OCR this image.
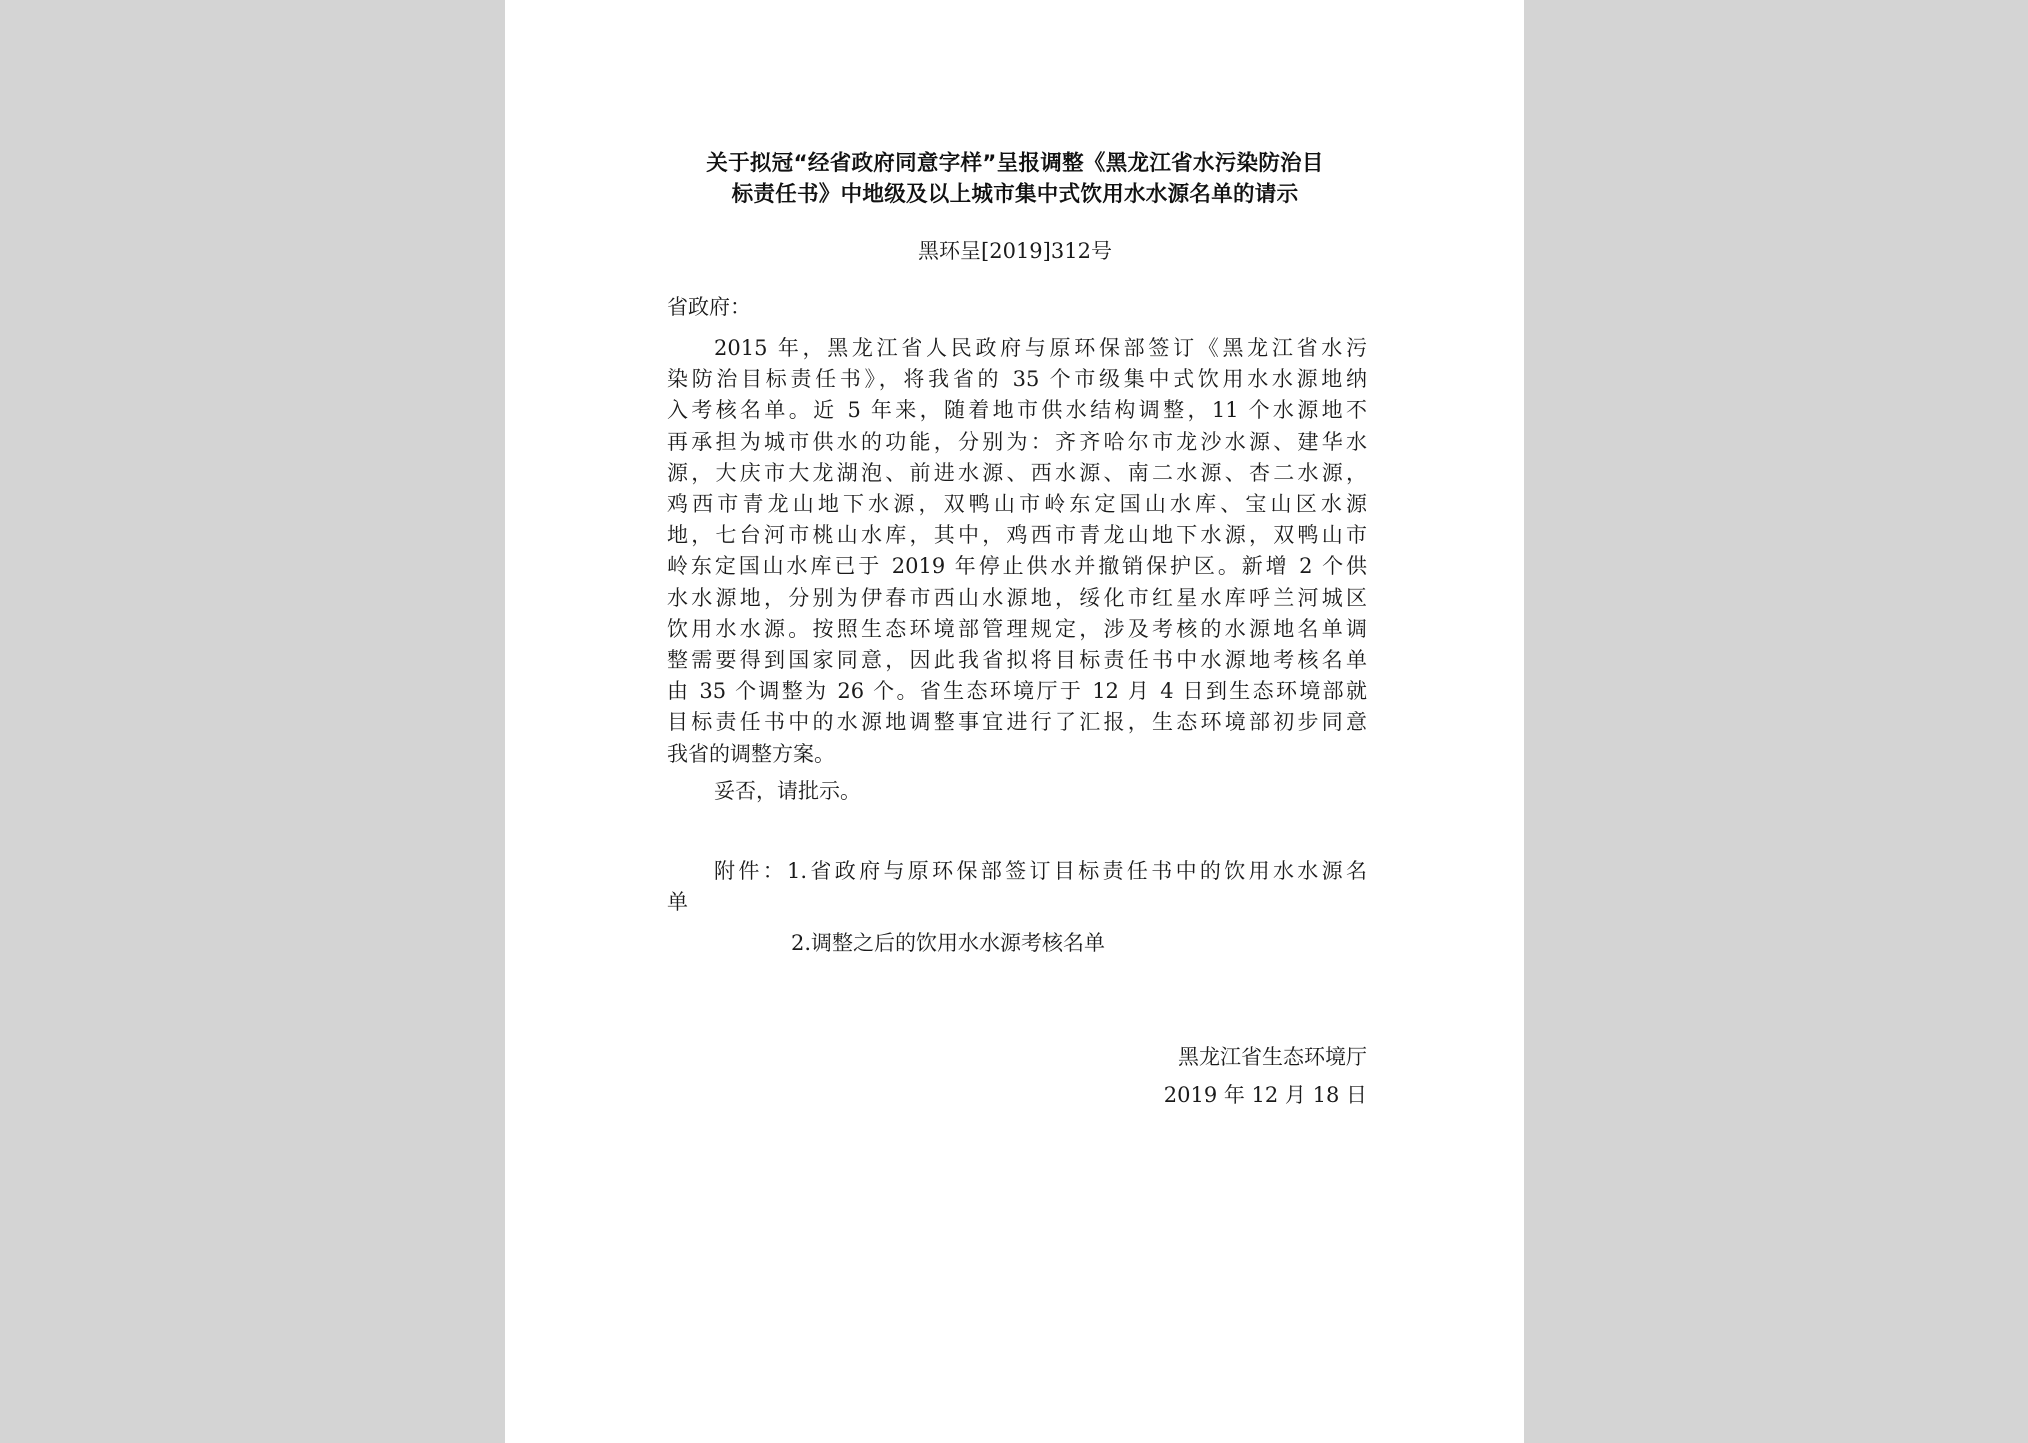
关于拟冠“经省政府同意字样”呈报调整《黑龙江省水污染防治目
标责任书》中地级及以上城市集中式饮用水水源名单的请示
黑环呈[2019]312号
省政府：
2015 年，黑龙江省人民政府与原环保部签订《黑龙江省水污
染防治目标责任书》，将我省的 35 个市级集中式饮用水水源地纳
入考核名单。近 5 年来，随着地市供水结构调整，11 个水源地不
再承担为城市供水的功能，分别为：齐齐哈尔市龙沙水源、建华水
源，大庆市大龙湖泡、前进水源、西水源、南二水源、杏二水源，
鸡西市青龙山地下水源，双鸭山市岭东定国山水库、宝山区水源
地，七台河市桃山水库，其中，鸡西市青龙山地下水源，双鸭山市
岭东定国山水库已于 2019 年停止供水并撤销保护区。新增 2 个供
水水源地，分别为伊春市西山水源地，绥化市红星水库呼兰河城区
饮用水水源。按照生态环境部管理规定，涉及考核的水源地名单调
整需要得到国家同意，因此我省拟将目标责任书中水源地考核名单
由 35 个调整为 26 个。省生态环境厅于 12 月 4 日到生态环境部就
目标责任书中的水源地调整事宜进行了汇报，生态环境部初步同意
我省的调整方案。
妥否，请批示。
附件：1.省政府与原环保部签订目标责任书中的饮用水水源名
单
2.调整之后的饮用水水源考核名单
黑龙江省生态环境厅
2019 年 12 月 18 日
